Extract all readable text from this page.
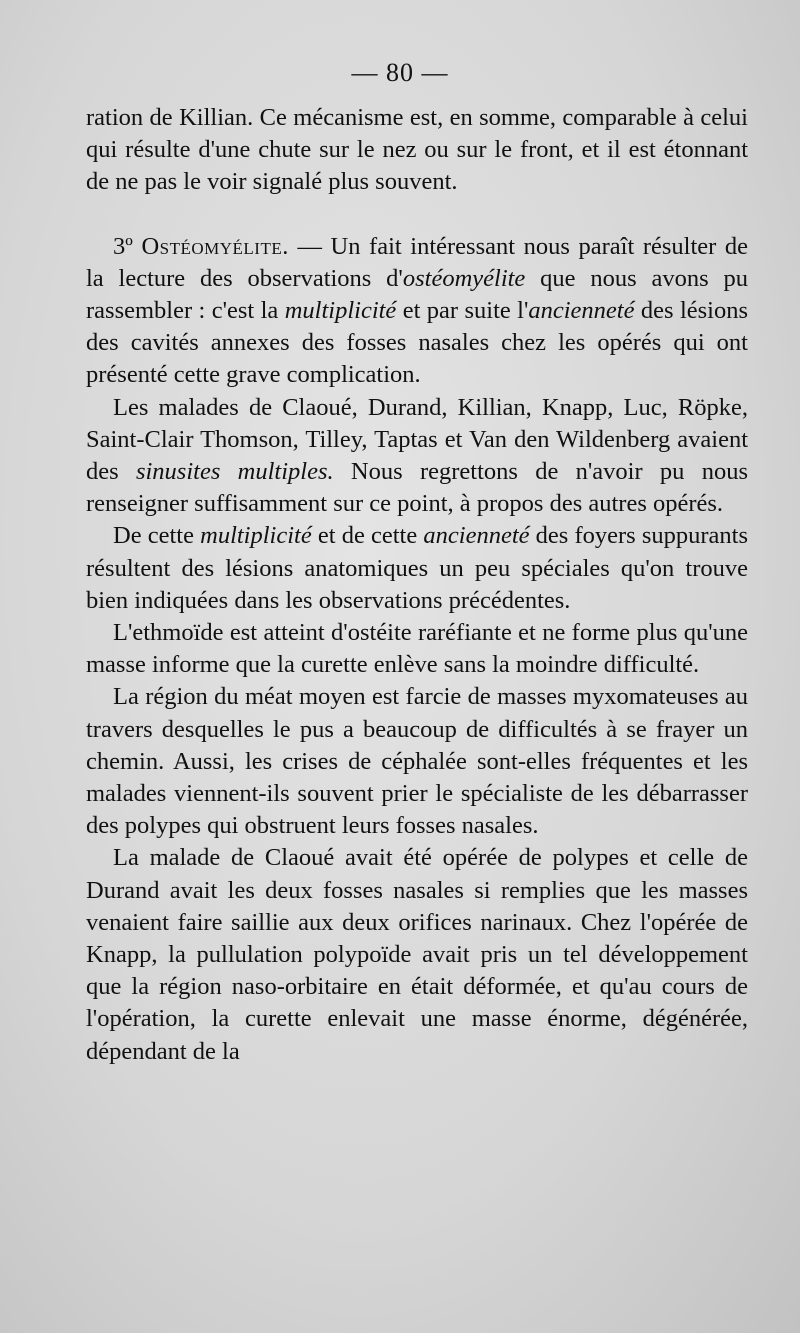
— 80 —

ration de Killian. Ce mécanisme est, en somme, comparable à celui qui résulte d'une chute sur le nez ou sur le front, et il est étonnant de ne pas le voir signalé plus souvent.

3º Ostéomyélite. — Un fait intéressant nous paraît résulter de la lecture des observations d'ostéomyélite que nous avons pu rassembler : c'est la multiplicité et par suite l'ancienneté des lésions des cavités annexes des fosses nasales chez les opérés qui ont présenté cette grave complication.

Les malades de Claoué, Durand, Killian, Knapp, Luc, Röpke, Saint-Clair Thomson, Tilley, Taptas et Van den Wildenberg avaient des sinusites multiples. Nous regrettons de n'avoir pu nous renseigner suffisamment sur ce point, à propos des autres opérés.

De cette multiplicité et de cette ancienneté des foyers suppurants résultent des lésions anatomiques un peu spéciales qu'on trouve bien indiquées dans les observations précédentes.

L'ethmoïde est atteint d'ostéite raréfiante et ne forme plus qu'une masse informe que la curette enlève sans la moindre difficulté.

La région du méat moyen est farcie de masses myxomateuses au travers desquelles le pus a beaucoup de difficultés à se frayer un chemin. Aussi, les crises de céphalée sont-elles fréquentes et les malades viennent-ils souvent prier le spécialiste de les débarrasser des polypes qui obstruent leurs fosses nasales.

La malade de Claoué avait été opérée de polypes et celle de Durand avait les deux fosses nasales si remplies que les masses venaient faire saillie aux deux orifices narinaux. Chez l'opérée de Knapp, la pullulation polypoïde avait pris un tel développement que la région naso-orbitaire en était déformée, et qu'au cours de l'opération, la curette enlevait une masse énorme, dégénérée, dépendant de la
